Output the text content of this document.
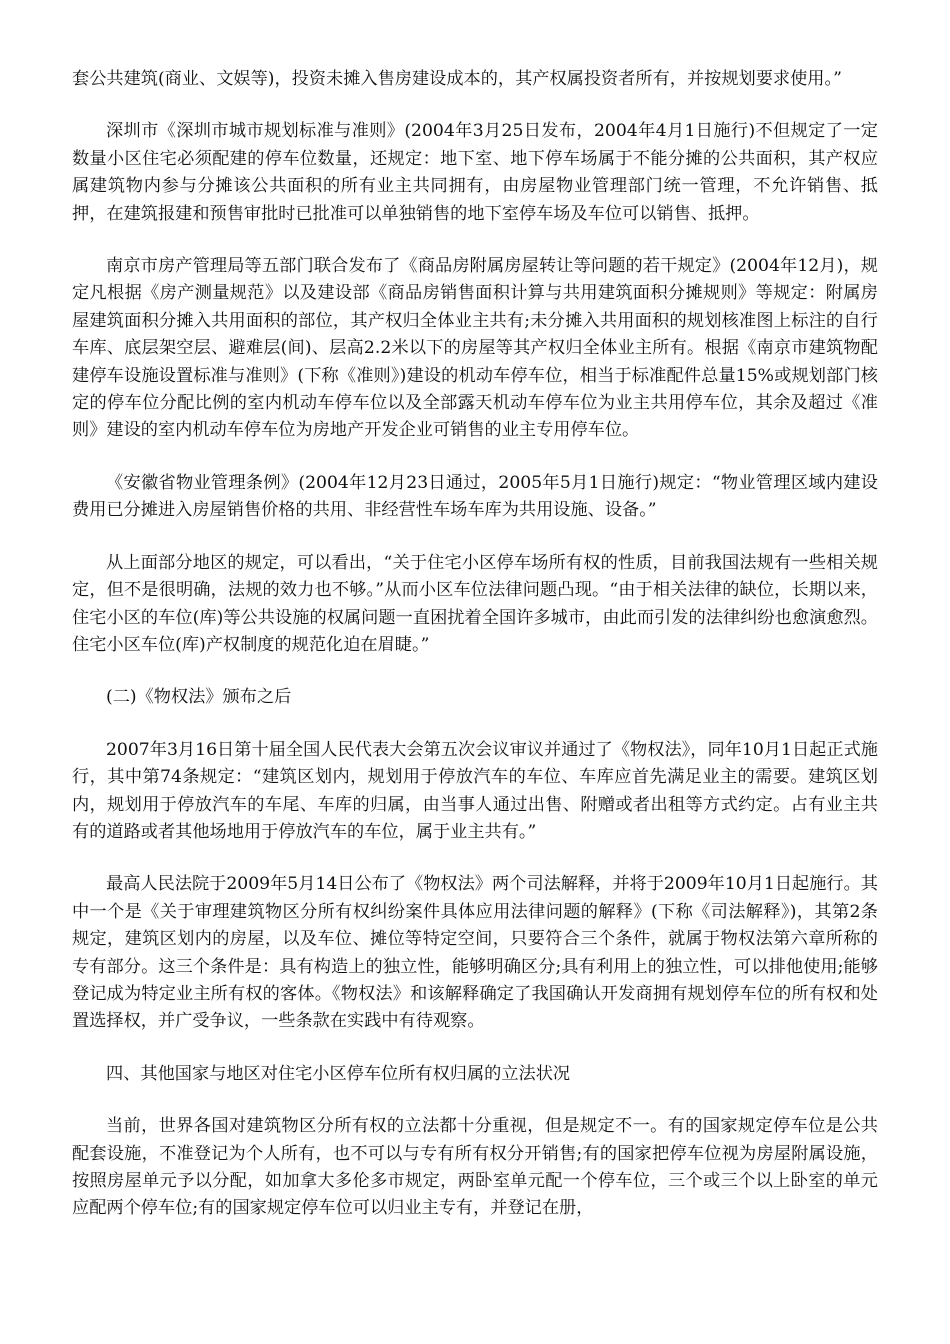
套公共建筑(商业、文娱等)，投资未摊入售房建设成本的，其产权属投资者所有，并按规划要求使用。”

深圳市《深圳市城市规划标准与准则》(2004年3月25日发布，2004年4月1日施行)不但规定了一定数量小区住宅必须配建的停车位数量，还规定：地下室、地下停车场属于不能分摊的公共面积，其产权应属建筑物内参与分摊该公共面积的所有业主共同拥有，由房屋物业管理部门统一管理，不允许销售、抵押，在建筑报建和预售审批时已批准可以单独销售的地下室停车场及车位可以销售、抵押。

南京市房产管理局等五部门联合发布了《商品房附属房屋转让等问题的若干规定》(2004年12月)，规定凡根据《房产测量规范》以及建设部《商品房销售面积计算与共用建筑面积分摊规则》等规定：附属房屋建筑面积分摊入共用面积的部位，其产权归全体业主共有;未分摊入共用面积的规划核准图上标注的自行车库、底层架空层、避难层(间)、层高2.2米以下的房屋等其产权归全体业主所有。根据《南京市建筑物配建停车设施设置标准与准则》(下称《准则》)建设的机动车停车位，相当于标准配件总量15%或规划部门核定的停车位分配比例的室内机动车停车位以及全部露天机动车停车位为业主共用停车位，其余及超过《准则》建设的室内机动车停车位为房地产开发企业可销售的业主专用停车位。

《安徽省物业管理条例》(2004年12月23日通过，2005年5月1日施行)规定：“物业管理区域内建设费用已分摊进入房屋销售价格的共用、非经营性车场车库为共用设施、设备。”

从上面部分地区的规定，可以看出，“关于住宅小区停车场所有权的性质，目前我国法规有一些相关规定，但不是很明确，法规的效力也不够。”从而小区车位法律问题凸现。“由于相关法律的缺位，长期以来，住宅小区的车位(库)等公共设施的权属问题一直困扰着全国许多城市，由此而引发的法律纠纷也愈演愈烈。住宅小区车位(库)产权制度的规范化迫在眉睫。”

(二)《物权法》颁布之后

2007年3月16日第十届全国人民代表大会第五次会议审议并通过了《物权法》，同年10月1日起正式施行，其中第74条规定：“建筑区划内，规划用于停放汽车的车位、车库应首先满足业主的需要。建筑区划内，规划用于停放汽车的车尾、车库的归属，由当事人通过出售、附赠或者出租等方式约定。占有业主共有的道路或者其他场地用于停放汽车的车位，属于业主共有。”

最高人民法院于2009年5月14日公布了《物权法》两个司法解释，并将于2009年10月1日起施行。其中一个是《关于审理建筑物区分所有权纠纷案件具体应用法律问题的解释》(下称《司法解释》)，其第2条规定，建筑区划内的房屋，以及车位、摊位等特定空间，只要符合三个条件，就属于物权法第六章所称的专有部分。这三个条件是：具有构造上的独立性，能够明确区分;具有利用上的独立性，可以排他使用;能够登记成为特定业主所有权的客体。《物权法》和该解释确定了我国确认开发商拥有规划停车位的所有权和处置选择权，并广受争议，一些条款在实践中有待观察。

四、其他国家与地区对住宅小区停车位所有权归属的立法状况

当前，世界各国对建筑物区分所有权的立法都十分重视，但是规定不一。有的国家规定停车位是公共配套设施，不准登记为个人所有，也不可以与专有所有权分开销售;有的国家把停车位视为房屋附属设施，按照房屋单元予以分配，如加拿大多伦多市规定，两卧室单元配一个停车位，三个或三个以上卧室的单元应配两个停车位;有的国家规定停车位可以归业主专有，并登记在册，
